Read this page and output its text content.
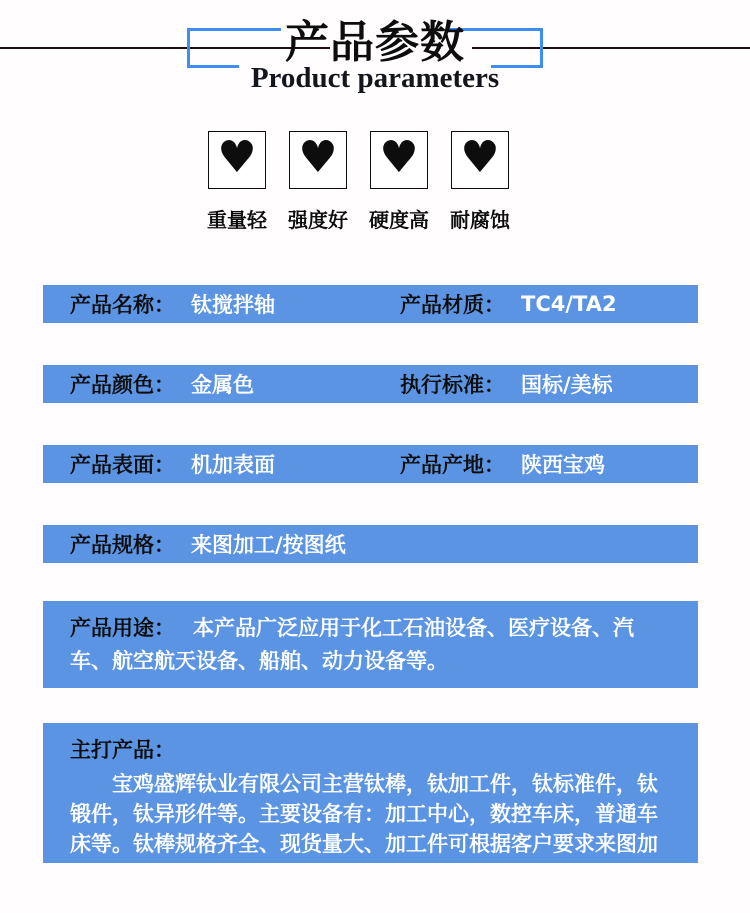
产品参数
Product parameters
♥
重量轻
♥
强度好
♥
硬度高
♥
耐腐蚀
产品名称： 钛搅拌轴	产品材质： TC4/TA2
产品颜色： 金属色	执行标准： 国标/美标
产品表面： 机加表面	产品产地： 陕西宝鸡
产品规格： 来图加工/按图纸
产品用途： 本产品广泛应用于化工石油设备、医疗设备、汽车、航空航天设备、船舶、动力设备等。
主打产品：

宝鸡盛辉钛业有限公司主营钛棒，钛加工件，钛标准件，钛锻件，钛异形件等。主要设备有：加工中心，数控车床，普通车床等。钛棒规格齐全、现货量大、加工件可根据客户要求来图加工。
